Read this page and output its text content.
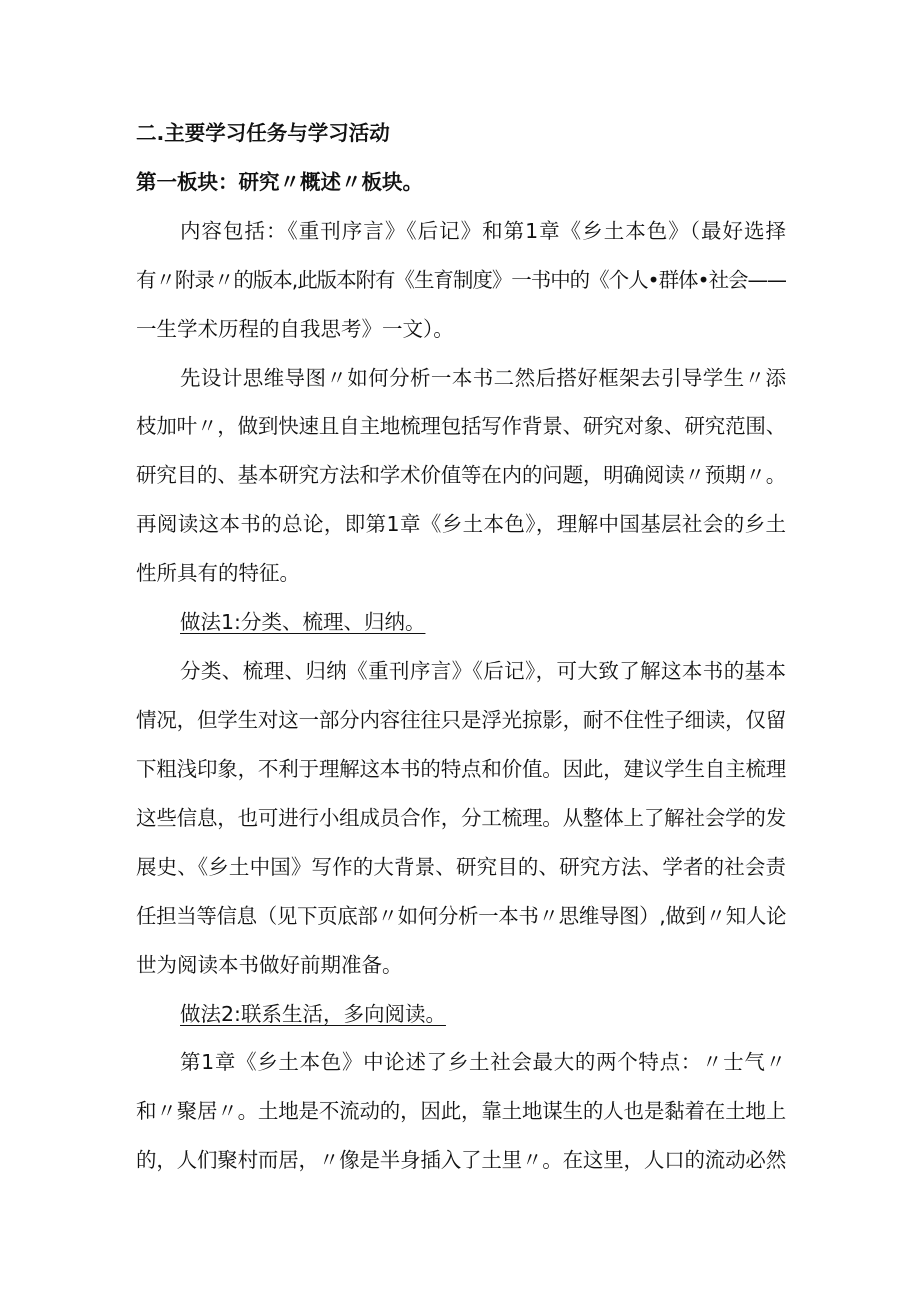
二.主要学习任务与学习活动
第一板块：研究〃概述〃板块。
内容包括：《重刊序言》《后记》和第1章《乡土本色》（最好选择
有〃附录〃的版本,此版本附有《生育制度》一书中的《个人•群体•社会——
一生学术历程的自我思考》一文）。
先设计思维导图〃如何分析一本书二然后搭好框架去引导学生〃添
枝加叶〃，做到快速且自主地梳理包括写作背景、研究对象、研究范围、
研究目的、基本研究方法和学术价值等在内的问题，明确阅读〃预期〃。
再阅读这本书的总论，即第1章《乡土本色》，理解中国基层社会的乡土
性所具有的特征。
做法1:分类、梳理、归纳。
分类、梳理、归纳《重刊序言》《后记》，可大致了解这本书的基本
情况，但学生对这一部分内容往往只是浮光掠影，耐不住性子细读，仅留
下粗浅印象，不利于理解这本书的特点和价值。因此，建议学生自主梳理
这些信息，也可进行小组成员合作，分工梳理。从整体上了解社会学的发
展史、《乡土中国》写作的大背景、研究目的、研究方法、学者的社会责
任担当等信息（见下页底部〃如何分析一本书〃思维导图）,做到〃知人论
世为阅读本书做好前期准备。
做法2:联系生活，多向阅读。
第1章《乡土本色》中论述了乡土社会最大的两个特点：〃士气〃
和〃聚居〃。土地是不流动的，因此，靠土地谋生的人也是黏着在土地上
的，人们聚村而居，〃像是半身插入了土里〃。在这里，人口的流动必然
